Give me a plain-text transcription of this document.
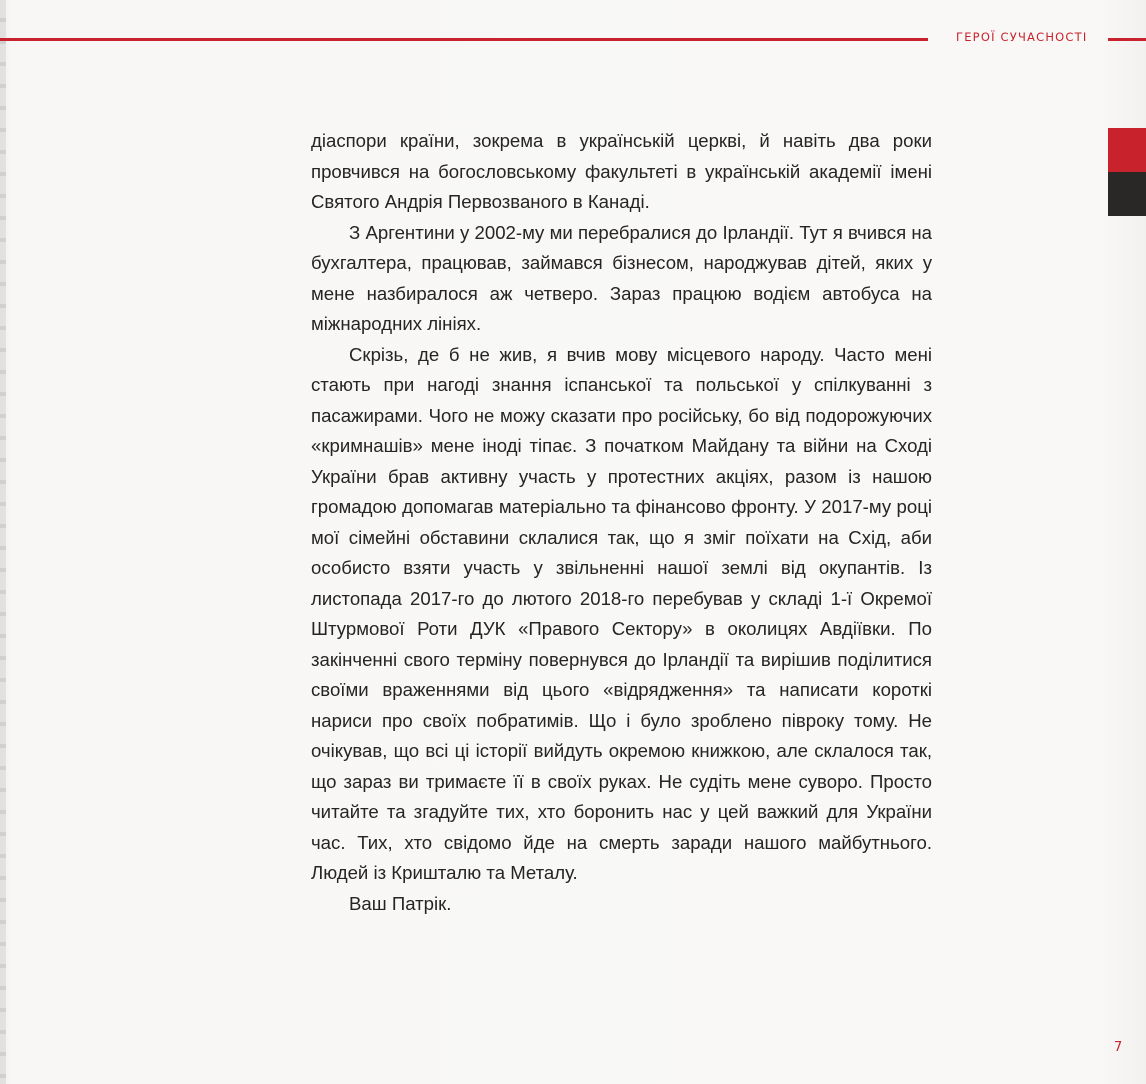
ГЕРОЇ СУЧАСНОСТІ

діаспори країни, зокрема в українській церкві, й навіть два роки провчився на богословському факультеті в українській академії імені Святого Андрія Первозваного в Канаді.

З Аргентини у 2002-му ми перебралися до Ірландії. Тут я вчився на бухгалтера, працював, займався бізнесом, народжував дітей, яких у мене назбиралося аж четверо. Зараз працюю водієм автобуса на міжнародних лініях.

Скрізь, де б не жив, я вчив мову місцевого народу. Часто мені стають при нагоді знання іспанської та польської у спілкуванні з пасажирами. Чого не можу сказати про російську, бо від подорожуючих «кримнашів» мене іноді тіпає. З початком Майдану та війни на Сході України брав активну участь у протестних акціях, разом із нашою громадою допомагав матеріально та фінансово фронту. У 2017-му році мої сімейні обставини склалися так, що я зміг поїхати на Схід, аби особисто взяти участь у звільненні нашої землі від окупантів. Із листопада 2017-го до лютого 2018-го перебував у складі 1-ї Окремої Штурмової Роти ДУК «Правого Сектору» в околицях Авдіївки. По закінченні свого терміну повернувся до Ірландії та вирішив поділитися своїми враженнями від цього «відрядження» та написати короткі нариси про своїх побратимів. Що і було зроблено півроку тому. Не очікував, що всі ці історії вийдуть окремою книжкою, але склалося так, що зараз ви тримаєте її в своїх руках. Не судіть мене суворо. Просто читайте та згадуйте тих, хто боронить нас у цей важкий для України час. Тих, хто свідомо йде на смерть заради нашого майбутнього. Людей із Кришталю та Металу.

Ваш Патрік.

7
